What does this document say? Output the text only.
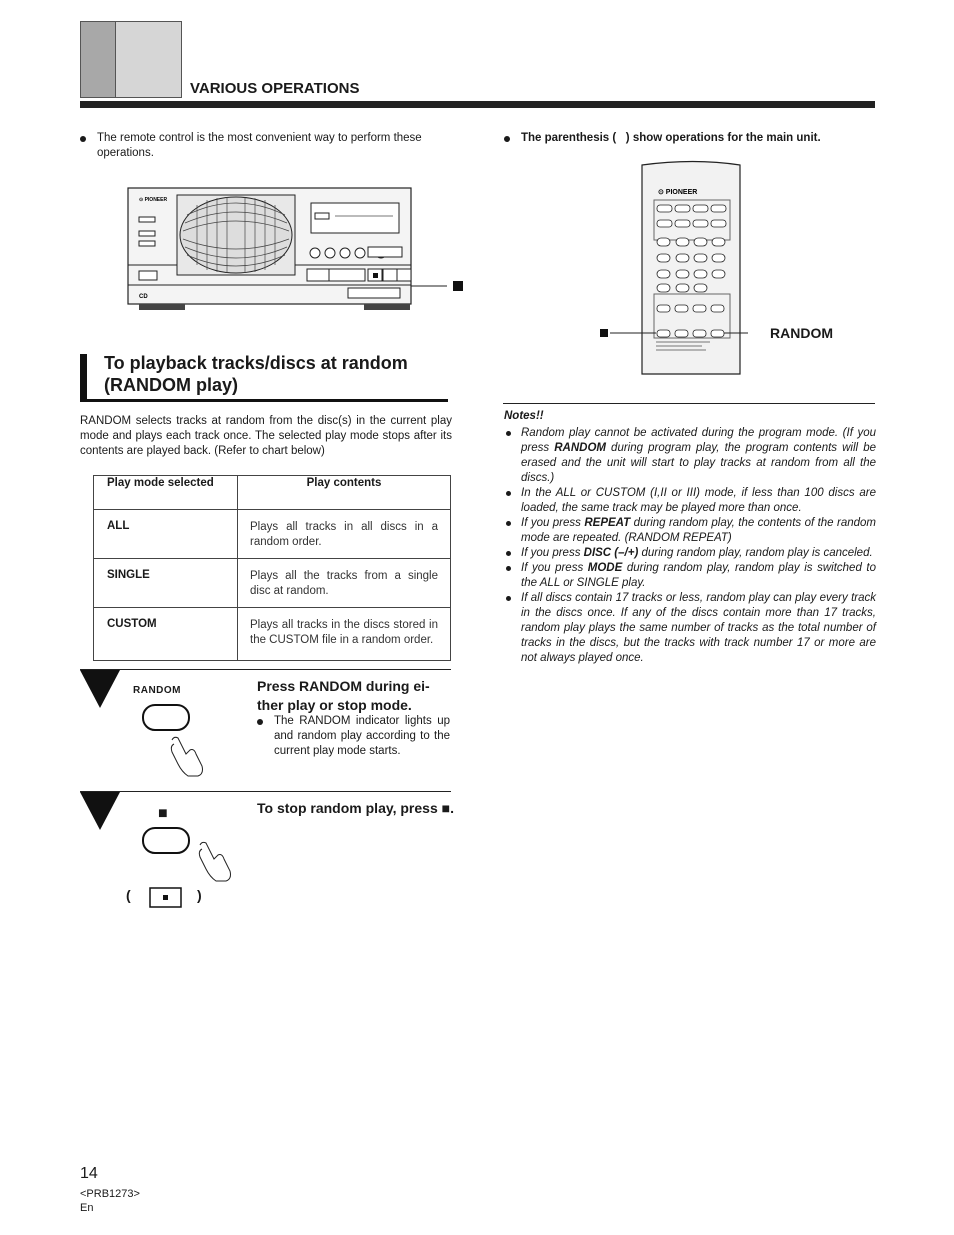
VARIOUS OPERATIONS
The remote control is the most convenient way to perform these operations.
The parenthesis (   ) show operations for the main unit.
⊙ PIONEER
CD
⊙ PIONEER
RANDOM
To playback tracks/discs at random
(RANDOM play)
RANDOM selects tracks at random from the disc(s) in the current play mode and plays each track once. The selected play mode stops after its contents are played back. (Refer to chart below)
Play mode selected	Play contents
ALL	Plays all tracks in all discs in a random order.
SINGLE	Plays all the tracks from a single disc at random.
CUSTOM	Plays all tracks in the discs stored in the CUSTOM file in a random order.
RANDOM	Press RANDOM during ei-ther play or stop mode.
The RANDOM indicator lights up and random play according to the current play mode starts.
■
(	)
To stop random play, press ■.
Notes!!
Random play cannot be activated during the program mode. (If you press RANDOM during program play, the program contents will be erased and the unit will start to play tracks at random from all the discs.)
In the ALL or CUSTOM (I,II or III) mode, if less than 100 discs are loaded, the same track may be played more than once.
If you press REPEAT during random play, the contents of the random mode are repeated. (RANDOM REPEAT)
If you press DISC (–/+) during random play, random play is canceled.
If you press MODE during random play, random play is switched to the ALL or SINGLE play.
If all discs contain 17 tracks or less, random play can play every track in the discs once. If any of the discs contain more than 17 tracks, random play plays the same number of tracks as the total number of tracks in the discs, but the tracks with track number 17 or more are not always played once.
14
<PRB1273>
En
